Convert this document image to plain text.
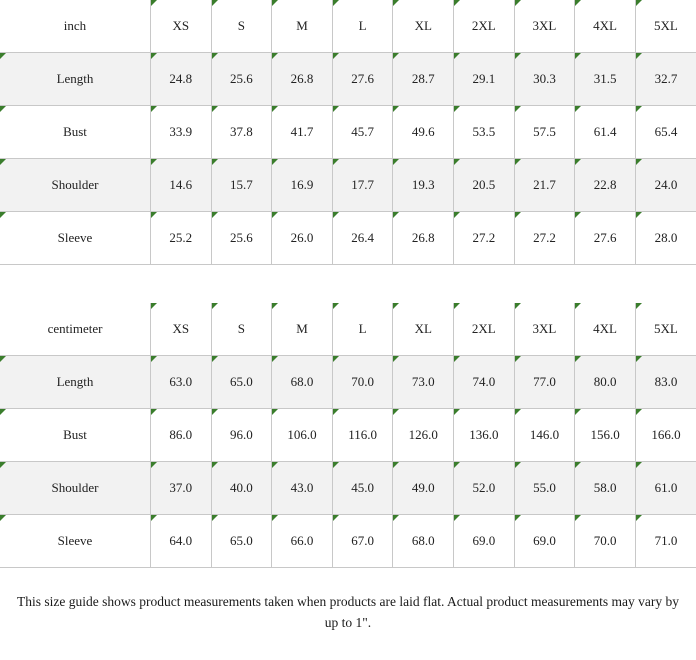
inch	XS	S	M	L	XL	2XL	3XL	4XL	5XL
Length	24.8	25.6	26.8	27.6	28.7	29.1	30.3	31.5	32.7
Bust	33.9	37.8	41.7	45.7	49.6	53.5	57.5	61.4	65.4
Shoulder	14.6	15.7	16.9	17.7	19.3	20.5	21.7	22.8	24.0
Sleeve	25.2	25.6	26.0	26.4	26.8	27.2	27.2	27.6	28.0
centimeter	XS	S	M	L	XL	2XL	3XL	4XL	5XL
Length	63.0	65.0	68.0	70.0	73.0	74.0	77.0	80.0	83.0
Bust	86.0	96.0	106.0	116.0	126.0	136.0	146.0	156.0	166.0
Shoulder	37.0	40.0	43.0	45.0	49.0	52.0	55.0	58.0	61.0
Sleeve	64.0	65.0	66.0	67.0	68.0	69.0	69.0	70.0	71.0
This size guide shows product measurements taken when products are laid flat. Actual product measurements may vary by up to 1".
